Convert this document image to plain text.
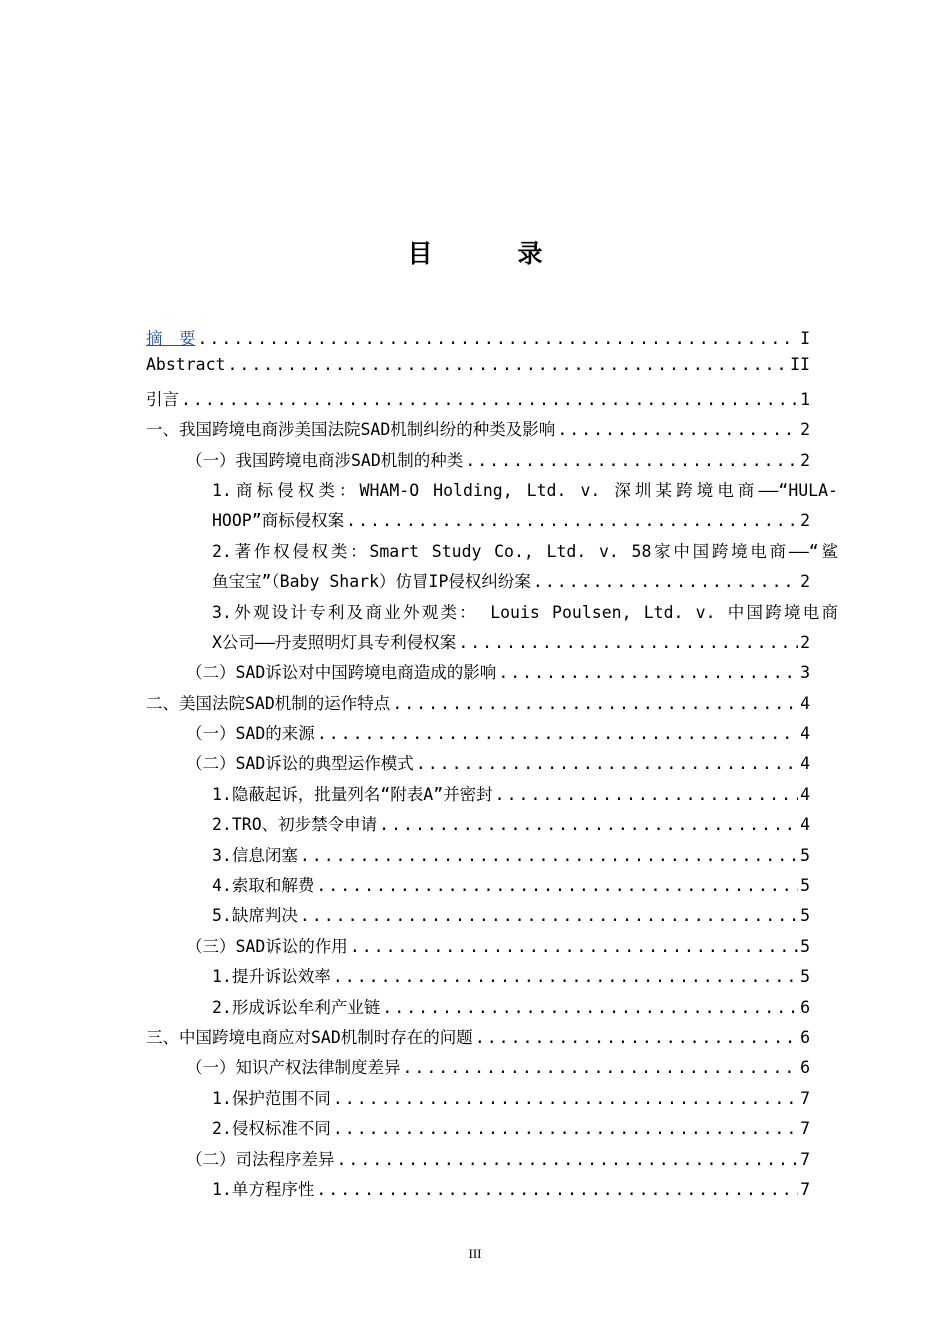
目　录
摘　要 .....	I
Abstract .....	II
引言 .....	1
一、我国跨境电商涉美国法院SAD机制纠纷的种类及影响 .....	2
（一）我国跨境电商涉SAD机制的种类 .....	2
1.商标侵权类：WHAM-O Holding, Ltd. v. 深圳某跨境电商——“HULA-
HOOP”商标侵权案 .....	2
2.著作权侵权类：Smart Study Co., Ltd. v. 58家中国跨境电商——“鲨
鱼宝宝”（Baby Shark）仿冒IP侵权纠纷案 .....	2
3.外观设计专利及商业外观类： Louis Poulsen, Ltd. v. 中国跨境电商
X公司——丹麦照明灯具专利侵权案 .....	2
（二）SAD诉讼对中国跨境电商造成的影响 .....	3
二、美国法院SAD机制的运作特点 .....	4
（一）SAD的来源 .....	4
（二）SAD诉讼的典型运作模式 .....	4
1.隐蔽起诉，批量列名“附表A”并密封 .....	4
2.TRO、初步禁令申请 .....	4
3.信息闭塞 .....	5
4.索取和解费 .....	5
5.缺席判决 .....	5
（三）SAD诉讼的作用 .....	5
1.提升诉讼效率 .....	5
2.形成诉讼牟利产业链 .....	6
三、中国跨境电商应对SAD机制时存在的问题 .....	6
（一）知识产权法律制度差异 .....	6
1.保护范围不同 .....	7
2.侵权标准不同 .....	7
（二）司法程序差异 .....	7
1.单方程序性 .....	7
III
